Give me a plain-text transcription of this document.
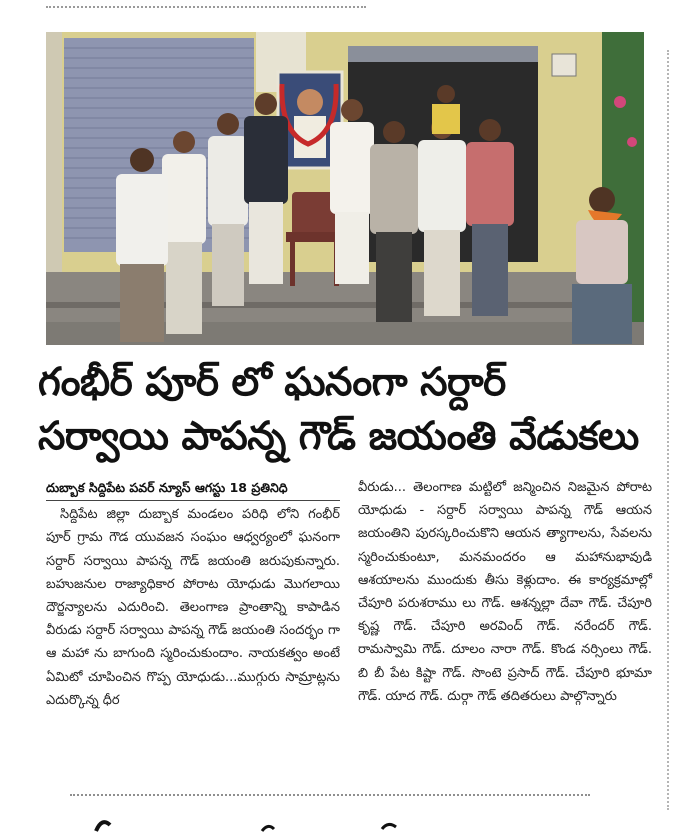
గంభీర్ పూర్ లో ఘనంగా సర్దార్
సర్వాయి పాపన్న గౌడ్ జయంతి వేడుకలు
దుబ్బాక సిద్దిపేట పవర్ న్యూస్ ఆగస్టు 18 ప్రతినిధి
సిద్దిపేట జిల్లా దుబ్బాక మండలం పరిధి లోని గంభీర్ పూర్ గ్రామ గౌడ యువజన సంఘం ఆధ్వర్యంలో ఘనంగా సర్దార్ సర్వాయి పాపన్న గౌడ్ జయంతి జరుపుకున్నారు. బహుజనుల రాజ్యాధికార పోరాట యోధుడు మొగలాయి దౌర్జన్యాలను ఎదురించి. తెలంగాణ ప్రాంతాన్ని కాపాడిన వీరుడు సర్దార్ సర్వాయి పాపన్న గౌడ్ జయంతి సందర్భం గా ఆ మహా ను బాగుంది స్మరించుకుందాం. నాయకత్వం అంటే ఏమిటో చూపించిన గొప్ప యోధుడు...ముగ్గురు సామ్రాట్లను ఎదుర్కొన్న ధీర
వీరుడు... తెలంగాణ మట్టిలో జన్మించిన నిజమైన పోరాట యోధుడు - సర్దార్ సర్వాయి పాపన్న గౌడ్ ఆయన జయంతిని పురస్కరించుకొని ఆయన త్యాగాలను, సేవలను స్మరించుకుంటూ, మనమందరం ఆ మహానుభావుడి ఆశయాలను ముందుకు తీసు కెళ్లుదాం. ఈ కార్యక్రమాల్లో చేపూరి పరుశరాము లు గౌడ్. ఆశన్నల్లా దేవా గౌడ్. చేపూరి కృష్ణ గౌడ్. చేపూరి అరవింద్ గౌడ్. నరేందర్ గౌడ్. రామస్వామి గౌడ్. దూలం నారా గౌడ్. కొండ నర్సింలు గౌడ్. బి బీ పేట కిష్టా గౌడ్. సొంటె ప్రసాద్ గౌడ్. చేపూరి భూమా గౌడ్. యాద గౌడ్. దుర్గా గౌడ్ తదితరులు పాల్గొన్నారు
